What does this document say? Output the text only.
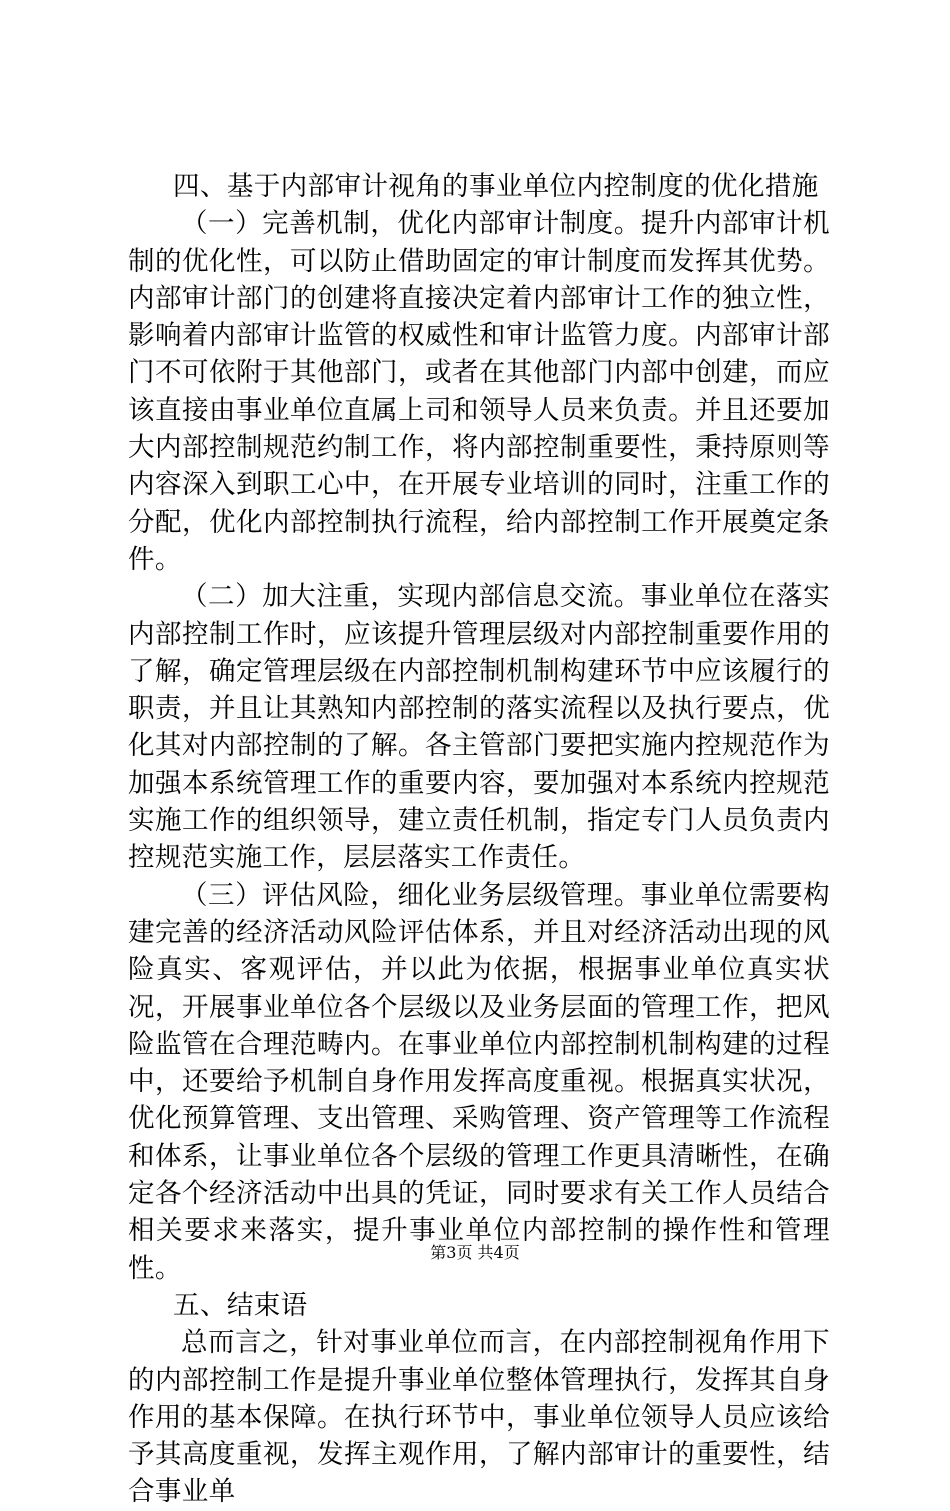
四、基于内部审计视角的事业单位内控制度的优化措施

（一）完善机制，优化内部审计制度。提升内部审计机制的优化性，可以防止借助固定的审计制度而发挥其优势。内部审计部门的创建将直接决定着内部审计工作的独立性，影响着内部审计监管的权威性和审计监管力度。内部审计部门不可依附于其他部门，或者在其他部门内部中创建，而应该直接由事业单位直属上司和领导人员来负责。并且还要加大内部控制规范约制工作，将内部控制重要性，秉持原则等内容深入到职工心中，在开展专业培训的同时，注重工作的分配，优化内部控制执行流程，给内部控制工作开展奠定条件。

（二）加大注重，实现内部信息交流。事业单位在落实内部控制工作时，应该提升管理层级对内部控制重要作用的了解，确定管理层级在内部控制机制构建环节中应该履行的职责，并且让其熟知内部控制的落实流程以及执行要点，优化其对内部控制的了解。各主管部门要把实施内控规范作为加强本系统管理工作的重要内容，要加强对本系统内控规范实施工作的组织领导，建立责任机制，指定专门人员负责内控规范实施工作，层层落实工作责任。

（三）评估风险，细化业务层级管理。事业单位需要构建完善的经济活动风险评估体系，并且对经济活动出现的风险真实、客观评估，并以此为依据，根据事业单位真实状况，开展事业单位各个层级以及业务层面的管理工作，把风险监管在合理范畴内。在事业单位内部控制机制构建的过程中，还要给予机制自身作用发挥高度重视。根据真实状况，优化预算管理、支出管理、采购管理、资产管理等工作流程和体系，让事业单位各个层级的管理工作更具清晰性，在确定各个经济活动中出具的凭证，同时要求有关工作人员结合相关要求来落实，提升事业单位内部控制的操作性和管理性。

五、结束语

总而言之，针对事业单位而言，在内部控制视角作用下的内部控制工作是提升事业单位整体管理执行，发挥其自身作用的基本保障。在执行环节中，事业单位领导人员应该给予其高度重视，发挥主观作用，了解内部审计的重要性，结合事业单

第3页 共4页
